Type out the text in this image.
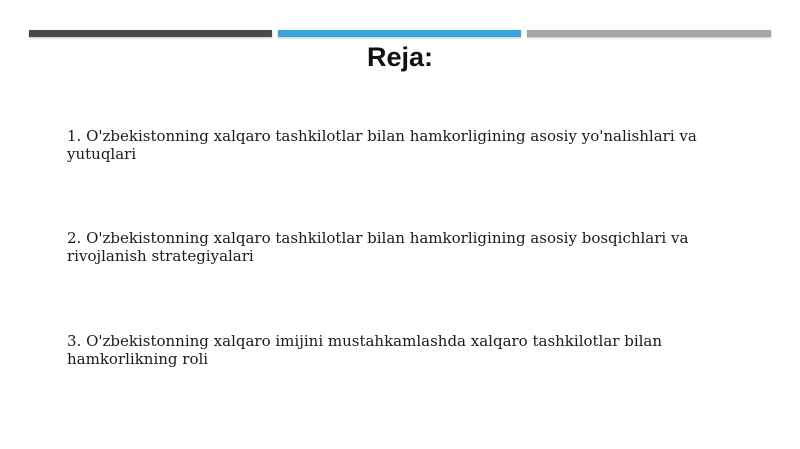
Reja:

1. O'zbekistonning xalqaro tashkilotlar bilan hamkorligining asosiy yo'nalishlari va yutuqlari

2. O'zbekistonning xalqaro tashkilotlar bilan hamkorligining asosiy bosqichlari va rivojlanish strategiyalari

3. O'zbekistonning xalqaro imijini mustahkamlashda xalqaro tashkilotlar bilan hamkorlikning roli
